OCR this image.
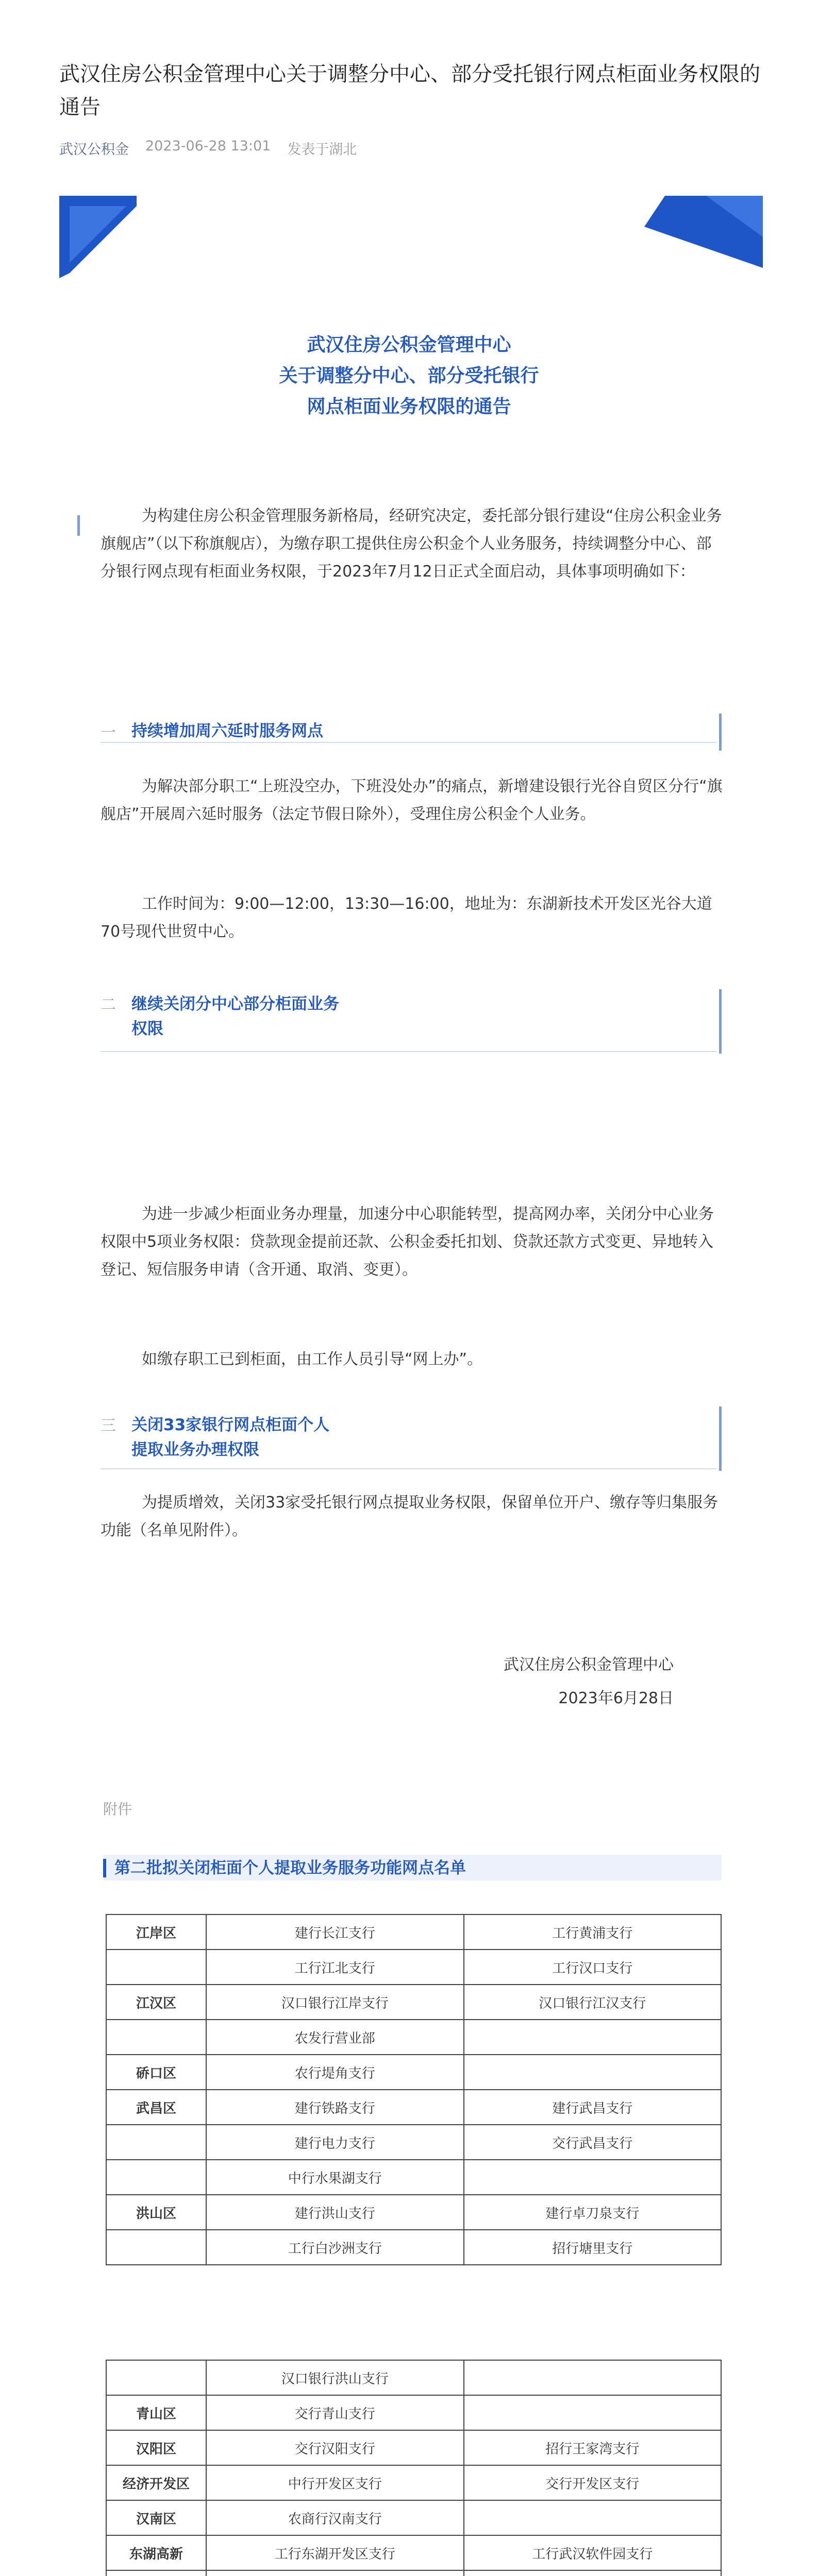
武汉住房公积金管理中心关于调整分中心、部分受托银行网点柜面业务权限的通告
武汉公积金 2023-06-28 13:01 发表于湖北
武汉住房公积金管理中心
关于调整分中心、部分受托银行
网点柜面业务权限的通告
为构建住房公积金管理服务新格局，经研究决定，委托部分银行建设“住房公积金业务旗舰店”（以下称旗舰店），为缴存职工提供住房公积金个人业务服务，持续调整分中心、部分银行网点现有柜面业务权限，于2023年7月12日正式全面启动，具体事项明确如下：
一 持续增加周六延时服务网点
为解决部分职工“上班没空办，下班没处办”的痛点，新增建设银行光谷自贸区分行“旗舰店”开展周六延时服务（法定节假日除外），受理住房公积金个人业务。
工作时间为：9:00—12:00，13:30—16:00，地址为：东湖新技术开发区光谷大道70号现代世贸中心。
二 继续关闭分中心部分柜面业务
权限
为进一步减少柜面业务办理量，加速分中心职能转型，提高网办率，关闭分中心业务权限中5项业务权限：贷款现金提前还款、公积金委托扣划、贷款还款方式变更、异地转入登记、短信服务申请（含开通、取消、变更）。
如缴存职工已到柜面，由工作人员引导“网上办”。
三 关闭33家银行网点柜面个人
提取业务办理权限
为提质增效，关闭33家受托银行网点提取业务权限，保留单位开户、缴存等归集服务功能（名单见附件）。
武汉住房公积金管理中心
2023年6月28日
附件
第二批拟关闭柜面个人提取业务服务功能网点名单
江岸区	建行长江支行	工行黄浦支行
	工行江北支行	工行汉口支行
江汉区	汉口银行江岸支行	汉口银行江汉支行
	农发行营业部	
硚口区	农行堤角支行	
武昌区	建行铁路支行	建行武昌支行
	建行电力支行	交行武昌支行
	中行水果湖支行	
洪山区	建行洪山支行	建行卓刀泉支行
	工行白沙洲支行	招行塘里支行
	汉口银行洪山支行	
青山区	交行青山支行	
汉阳区	交行汉阳支行	招行王家湾支行
经济开发区	中行开发区支行	交行开发区支行
汉南区	农商行汉南支行	
东湖高新	工行东湖开发区支行	工行武汉软件园支行
